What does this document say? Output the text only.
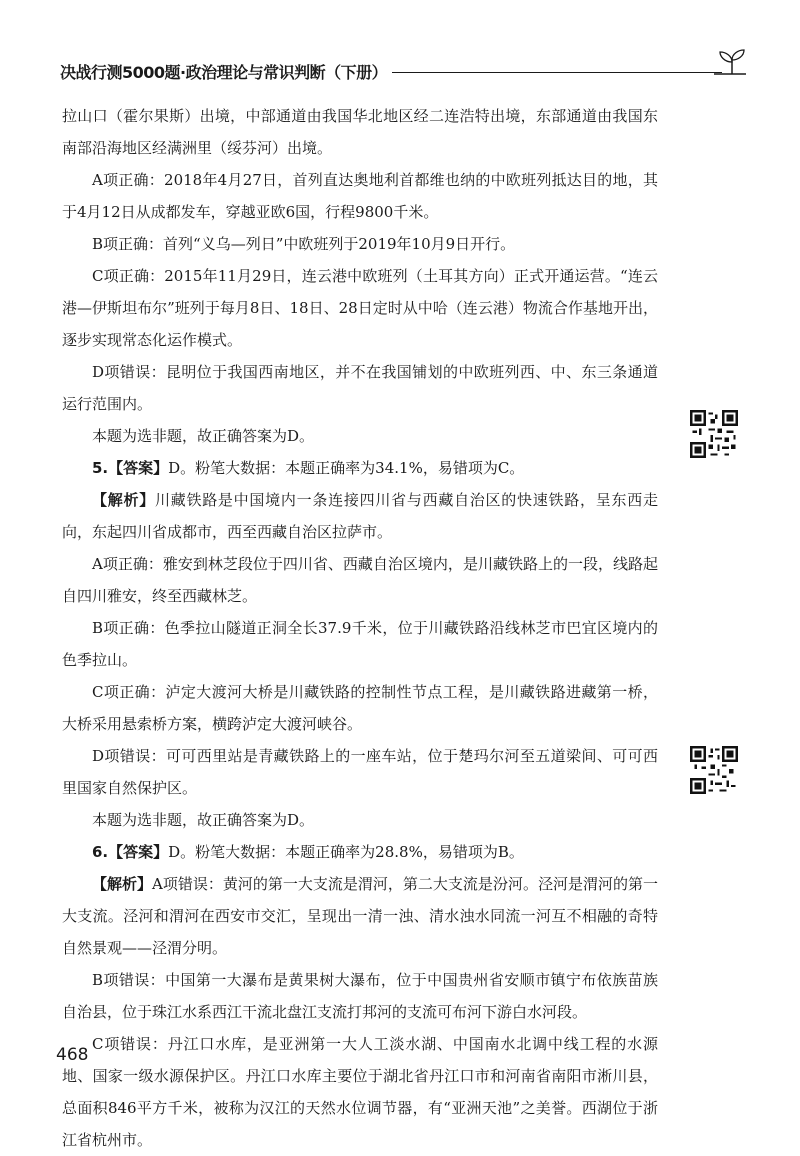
决战行测5000题·政治理论与常识判断（下册）

拉山口（霍尔果斯）出境，中部通道由我国华北地区经二连浩特出境，东部通道由我国东南部沿海地区经满洲里（绥芬河）出境。

A项正确：2018年4月27日，首列直达奥地利首都维也纳的中欧班列抵达目的地，其于4月12日从成都发车，穿越亚欧6国，行程9800千米。

B项正确：首列“义乌—列日”中欧班列于2019年10月9日开行。

C项正确：2015年11月29日，连云港中欧班列（土耳其方向）正式开通运营。“连云港—伊斯坦布尔”班列于每月8日、18日、28日定时从中哈（连云港）物流合作基地开出，逐步实现常态化运作模式。

D项错误：昆明位于我国西南地区，并不在我国铺划的中欧班列西、中、东三条通道运行范围内。

本题为选非题，故正确答案为D。

5.【答案】D。粉笔大数据：本题正确率为34.1%，易错项为C。

【解析】川藏铁路是中国境内一条连接四川省与西藏自治区的快速铁路，呈东西走向，东起四川省成都市，西至西藏自治区拉萨市。

A项正确：雅安到林芝段位于四川省、西藏自治区境内，是川藏铁路上的一段，线路起自四川雅安，终至西藏林芝。

B项正确：色季拉山隧道正洞全长37.9千米，位于川藏铁路沿线林芝市巴宜区境内的色季拉山。

C项正确：泸定大渡河大桥是川藏铁路的控制性节点工程，是川藏铁路进藏第一桥，大桥采用悬索桥方案，横跨泸定大渡河峡谷。

D项错误：可可西里站是青藏铁路上的一座车站，位于楚玛尔河至五道梁间、可可西里国家自然保护区。

本题为选非题，故正确答案为D。

6.【答案】D。粉笔大数据：本题正确率为28.8%，易错项为B。

【解析】A项错误：黄河的第一大支流是渭河，第二大支流是汾河。泾河是渭河的第一大支流。泾河和渭河在西安市交汇，呈现出一清一浊、清水浊水同流一河互不相融的奇特自然景观——泾渭分明。

B项错误：中国第一大瀑布是黄果树大瀑布，位于中国贵州省安顺市镇宁布依族苗族自治县，位于珠江水系西江干流北盘江支流打邦河的支流可布河下游白水河段。

C项错误：丹江口水库，是亚洲第一大人工淡水湖、中国南水北调中线工程的水源地、国家一级水源保护区。丹江口水库主要位于湖北省丹江口市和河南省南阳市淅川县，总面积846平方千米，被称为汉江的天然水位调节器，有“亚洲天池”之美誉。西湖位于浙江省杭州市。

468
